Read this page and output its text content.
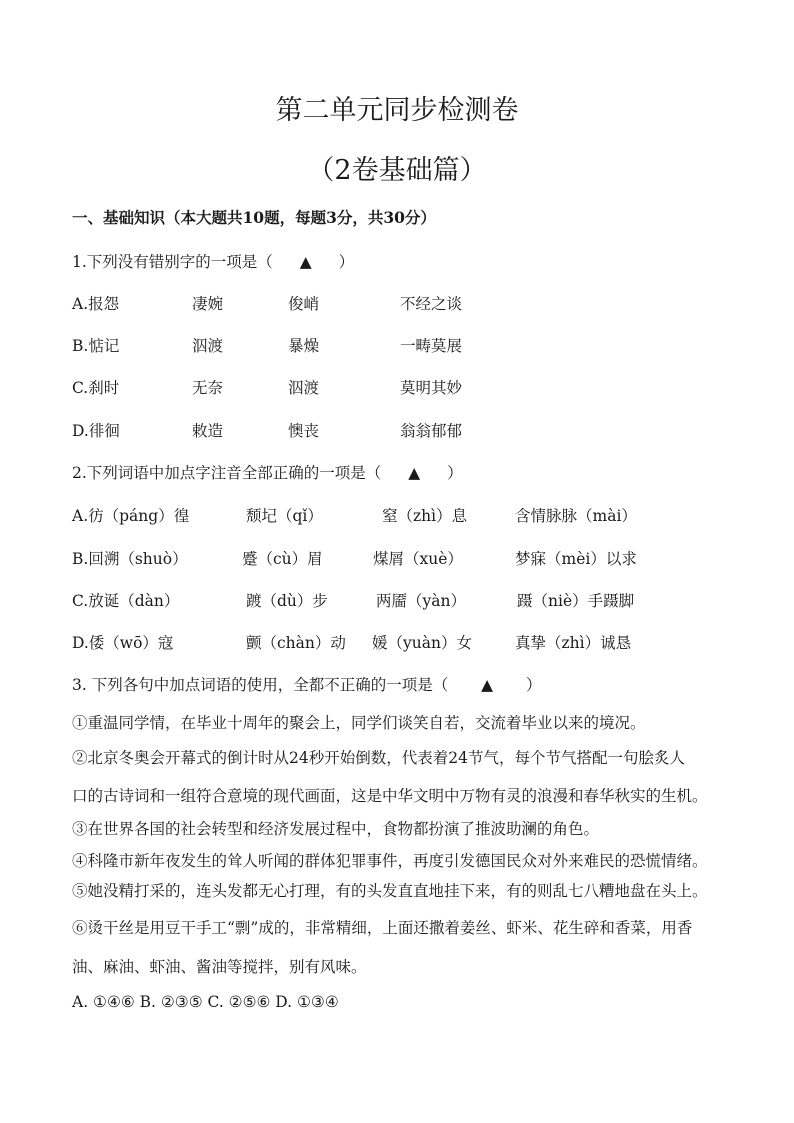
第二单元同步检测卷
（2卷基础篇）
一、基础知识（本大题共10题，每题3分，共30分）
1.下列没有错别字的一项是（ ▲ ）
A.报怨	凄婉	俊峭	不经之谈
B.惦记	泅渡	暴燥	一畴莫展
C.刹时	无奈	泅渡	莫明其妙
D.徘徊	敕造	懊丧	翁翁郁郁
2.下列词语中加点字注音全部正确的一项是（ ▲ ）
A.彷（páng）徨	颓圮（qǐ）	窒（zhì）息	含情脉脉（mài）
B.回溯（shuò）	蹙（cù）眉	煤屑（xuè）	梦寐（mèi）以求
C.放诞（dàn）	踱（dù）步	两靥（yàn）	蹑（niè）手蹑脚
D.倭（wō）寇	颤（chàn）动 媛（yuàn）女	真挚（zhì）诚恳
3. 下列各句中加点词语的使用，全都不正确的一项是（ ▲ ）
①重温同学情，在毕业十周年的聚会上，同学们谈笑自若，交流着毕业以来的境况。
②北京冬奥会开幕式的倒计时从24秒开始倒数，代表着24节气，每个节气搭配一句脍炙人
口的古诗词和一组符合意境的现代画面，这是中华文明中万物有灵的浪漫和春华秋实的生机。
③在世界各国的社会转型和经济发展过程中，食物都扮演了推波助澜的角色。
④科隆市新年夜发生的耸人听闻的群体犯罪事件，再度引发德国民众对外来难民的恐慌情绪。
⑤她没精打采的，连头发都无心打理，有的头发直直地挂下来，有的则乱七八糟地盘在头上。
⑥烫干丝是用豆干手工“剽”成的，非常精细，上面还撒着姜丝、虾米、花生碎和香菜，用香
油、麻油、虾油、酱油等搅拌，别有风味。
A. ①④⑥ B. ②③⑤ C. ②⑤⑥ D. ①③④
